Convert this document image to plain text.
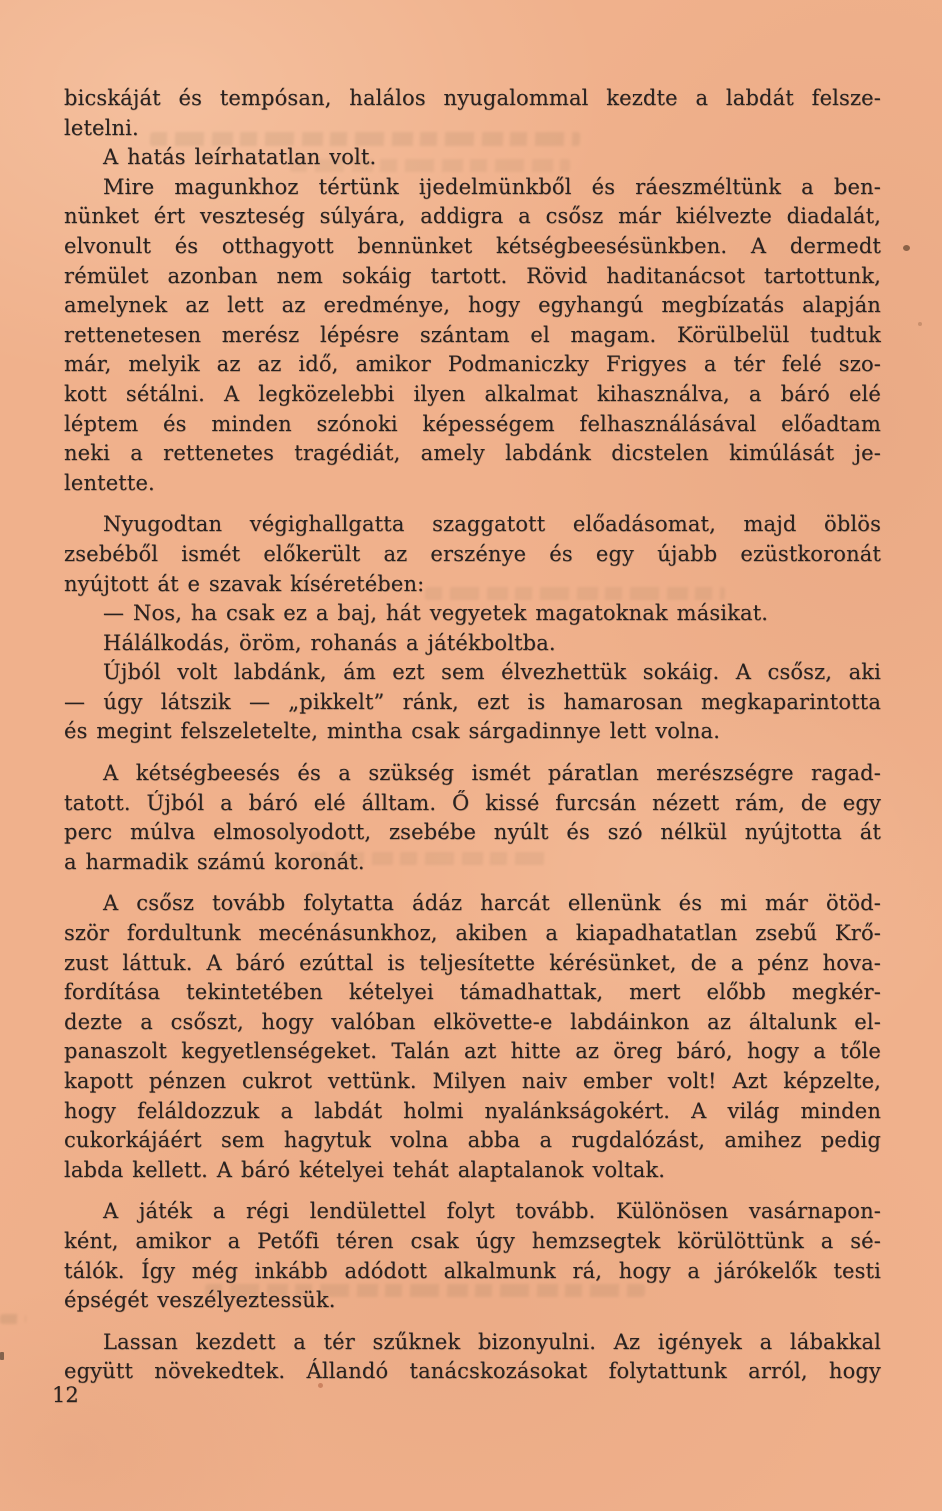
bicskáját és tempósan, halálos nyugalommal kezdte a labdát felsze-
letelni.

A hatás leírhatatlan volt.

Mire magunkhoz tértünk ijedelmünkből és ráeszméltünk a ben-
nünket ért veszteség súlyára, addigra a csősz már kiélvezte diadalát,
elvonult és otthagyott bennünket kétségbeesésünkben. A dermedt
rémület azonban nem sokáig tartott. Rövid haditanácsot tartottunk,
amelynek az lett az eredménye, hogy egyhangú megbízatás alapján
rettenetesen merész lépésre szántam el magam. Körülbelül tudtuk
már, melyik az az idő, amikor Podmaniczky Frigyes a tér felé szo-
kott sétálni. A legközelebbi ilyen alkalmat kihasználva, a báró elé
léptem és minden szónoki képességem felhasználásával előadtam
neki a rettenetes tragédiát, amely labdánk dicstelen kimúlását je-
lentette.

Nyugodtan végighallgatta szaggatott előadásomat, majd öblös
zsebéből ismét előkerült az erszénye és egy újabb ezüstkoronát
nyújtott át e szavak kíséretében:

— Nos, ha csak ez a baj, hát vegyetek magatoknak másikat.

Hálálkodás, öröm, rohanás a játékboltba.

Újból volt labdánk, ám ezt sem élvezhettük sokáig. A csősz, aki
— úgy látszik — „pikkelt” ránk, ezt is hamarosan megkaparintotta
és megint felszeletelte, mintha csak sárgadinnye lett volna.

A kétségbeesés és a szükség ismét páratlan merészségre ragad-
tatott. Újból a báró elé álltam. Ő kissé furcsán nézett rám, de egy
perc múlva elmosolyodott, zsebébe nyúlt és szó nélkül nyújtotta át
a harmadik számú koronát.

A csősz tovább folytatta ádáz harcát ellenünk és mi már ötöd-
ször fordultunk mecénásunkhoz, akiben a kiapadhatatlan zsebű Krő-
zust láttuk. A báró ezúttal is teljesítette kérésünket, de a pénz hova-
fordítása tekintetében kételyei támadhattak, mert előbb megkér-
dezte a csőszt, hogy valóban elkövette-e labdáinkon az általunk el-
panaszolt kegyetlenségeket. Talán azt hitte az öreg báró, hogy a tőle
kapott pénzen cukrot vettünk. Milyen naiv ember volt! Azt képzelte,
hogy feláldozzuk a labdát holmi nyalánkságokért. A világ minden
cukorkájáért sem hagytuk volna abba a rugdalózást, amihez pedig
labda kellett. A báró kételyei tehát alaptalanok voltak.

A játék a régi lendülettel folyt tovább. Különösen vasárnapon-
ként, amikor a Petőfi téren csak úgy hemzsegtek körülöttünk a sé-
tálók. Így még inkább adódott alkalmunk rá, hogy a járókelők testi
épségét veszélyeztessük.

Lassan kezdett a tér szűknek bizonyulni. Az igények a lábakkal
együtt növekedtek. Állandó tanácskozásokat folytattunk arról, hogy

12
